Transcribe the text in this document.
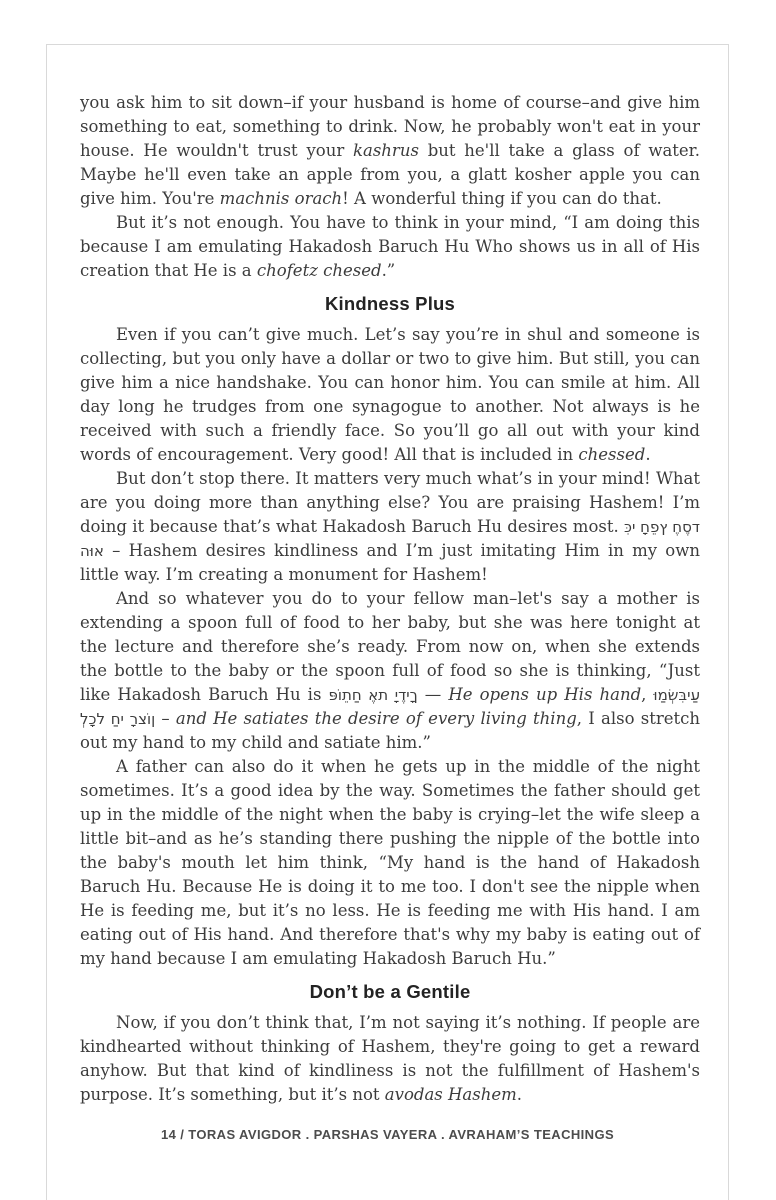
you ask him to sit down–if your husband is home of course–and give him something to eat, something to drink. Now, he probably won't eat in your house. He wouldn't trust your kashrus but he'll take a glass of water. Maybe he'll even take an apple from you, a glatt kosher apple you can give him. You're machnis orach! A wonderful thing if you can do that.

But it’s not enough. You have to think in your mind, “I am doing this because I am emulating Hakadosh Baruch Hu Who shows us in all of His creation that He is a chofetz chesed.”

Kindness Plus

Even if you can’t give much. Let’s say you’re in shul and someone is collecting, but you only have a dollar or two to give him. But still, you can give him a nice handshake. You can honor him. You can smile at him. All day long he trudges from one synagogue to another. Not always is he received with such a friendly face. So you’ll go all out with your kind words of encouragement. Very good! All that is included in chessed.

But don’t stop there. It matters very much what’s in your mind! What are you doing more than anything else? You are praising Hashem! I’m doing it because that’s what Hakadosh Baruch Hu desires most. כִּי חָפֵץ חֶסֶד הוּא – Hashem desires kindliness and I’m just imitating Him in my own little way. I’m creating a monument for Hashem!

And so whatever you do to your fellow man–let's say a mother is extending a spoon full of food to her baby, but she was here tonight at the lecture and therefore she’s ready. From now on, when she extends the bottle to the baby or the spoon full of food so she is thinking, “Just like Hakadosh Baruch Hu is פּוֹתֵחַ אֶת יָדֶיךָ — He opens up His hand, וּמַשְׂבִּיעַ לְכָל חַי רָצוֹן – and He satiates the desire of every living thing, I also stretch out my hand to my child and satiate him.”

A father can also do it when he gets up in the middle of the night sometimes. It’s a good idea by the way. Sometimes the father should get up in the middle of the night when the baby is crying–let the wife sleep a little bit–and as he’s standing there pushing the nipple of the bottle into the baby's mouth let him think, “My hand is the hand of Hakadosh Baruch Hu. Because He is doing it to me too. I don't see the nipple when He is feeding me, but it’s no less. He is feeding me with His hand. I am eating out of His hand. And therefore that's why my baby is eating out of my hand because I am emulating Hakadosh Baruch Hu.”

Don’t be a Gentile

Now, if you don’t think that, I’m not saying it’s nothing. If people are kindhearted without thinking of Hashem, they're going to get a reward anyhow. But that kind of kindliness is not the fulfillment of Hashem's purpose. It’s something, but it’s not avodas Hashem.

14 / TORAS AVIGDOR . PARSHAS VAYERA . AVRAHAM’S TEACHINGS
